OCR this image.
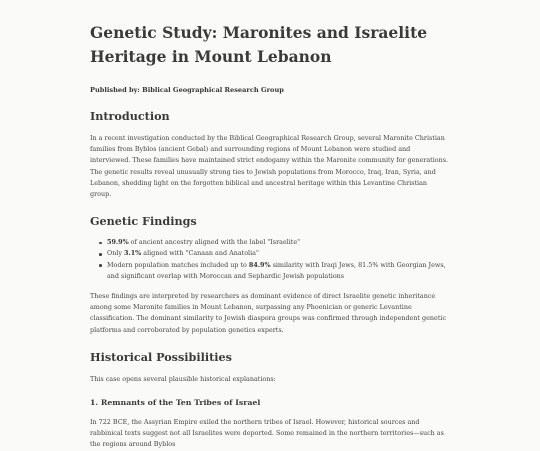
Genetic Study: Maronites and Israelite Heritage in Mount Lebanon
Published by: Biblical Geographical Research Group
Introduction

In a recent investigation conducted by the Biblical Geographical Research Group, several Maronite Christian families from Byblos (ancient Gebal) and surrounding regions of Mount Lebanon were studied and interviewed. These families have maintained strict endogamy within the Maronite community for generations. The genetic results reveal unusually strong ties to Jewish populations from Morocco, Iraq, Iran, Syria, and Lebanon, shedding light on the forgotten biblical and ancestral heritage within this Levantine Christian group.

Genetic Findings
59.9% of ancient ancestry aligned with the label "Israelite"
Only 3.1% aligned with "Canaan and Anatolia"
Modern population matches included up to 84.9% similarity with Iraqi Jews, 81.5% with Georgian Jews, and significant overlap with Moroccan and Sephardic Jewish populations

These findings are interpreted by researchers as dominant evidence of direct Israelite genetic inheritance among some Maronite families in Mount Lebanon, surpassing any Phoenician or generic Levantine classification. The dominant similarity to Jewish diaspora groups was confirmed through independent genetic platforms and corroborated by population genetics experts.

Historical Possibilities

This case opens several plausible historical explanations:

1. Remnants of the Ten Tribes of Israel

In 722 BCE, the Assyrian Empire exiled the northern tribes of Israel. However, historical sources and rabbinical texts suggest not all Israelites were deported. Some remained in the northern territories—such as the regions around Byblos
